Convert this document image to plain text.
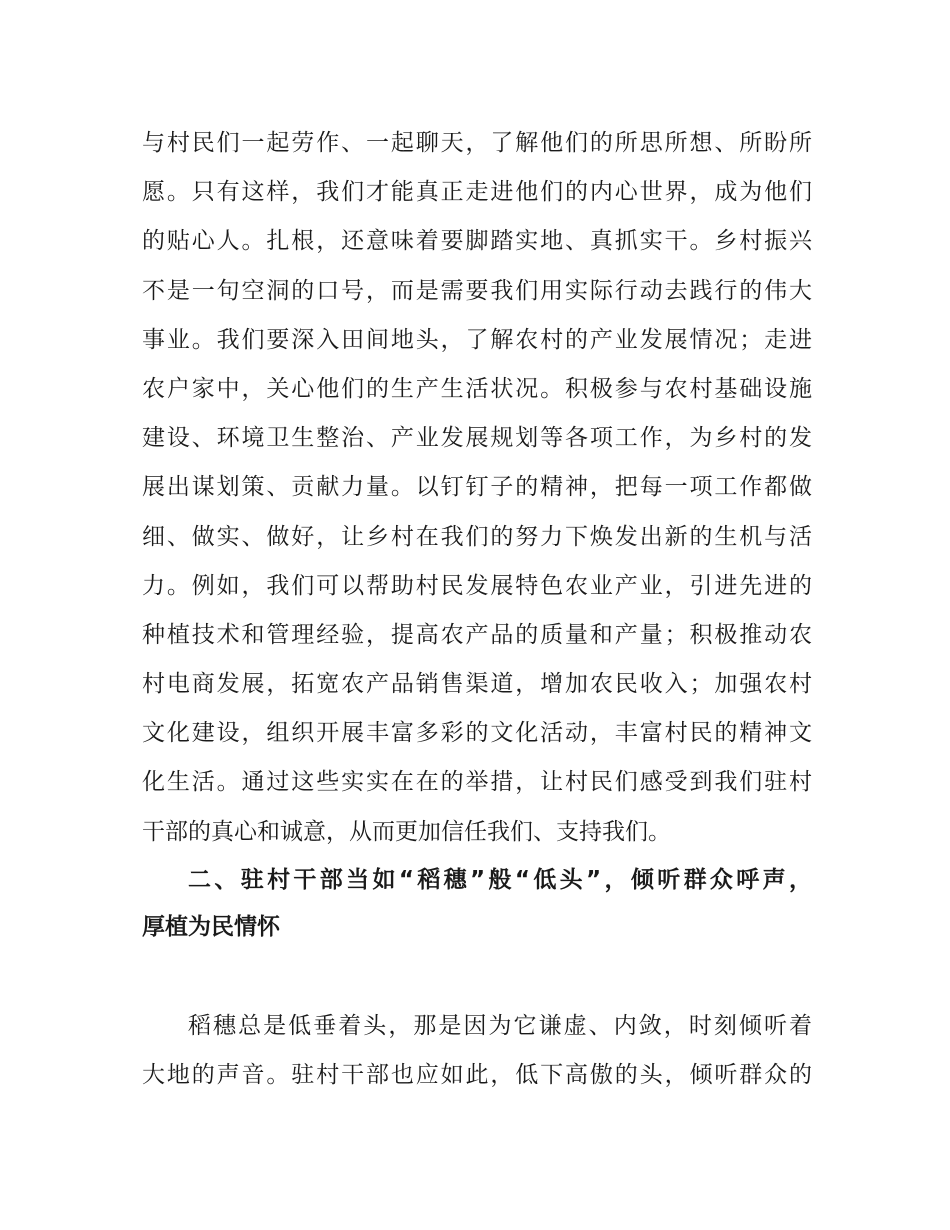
与村民们一起劳作、一起聊天，了解他们的所思所想、所盼所
愿。只有这样，我们才能真正走进他们的内心世界，成为他们
的贴心人。扎根，还意味着要脚踏实地、真抓实干。乡村振兴
不是一句空洞的口号，而是需要我们用实际行动去践行的伟大
事业。我们要深入田间地头，了解农村的产业发展情况；走进
农户家中，关心他们的生产生活状况。积极参与农村基础设施
建设、环境卫生整治、产业发展规划等各项工作，为乡村的发
展出谋划策、贡献力量。以钉钉子的精神，把每一项工作都做
细、做实、做好，让乡村在我们的努力下焕发出新的生机与活
力。例如，我们可以帮助村民发展特色农业产业，引进先进的
种植技术和管理经验，提高农产品的质量和产量；积极推动农
村电商发展，拓宽农产品销售渠道，增加农民收入；加强农村
文化建设，组织开展丰富多彩的文化活动，丰富村民的精神文
化生活。通过这些实实在在的举措，让村民们感受到我们驻村
干部的真心和诚意，从而更加信任我们、支持我们。
二、驻村干部当如“稻穗”般“低头”，倾听群众呼声，
厚植为民情怀
稻穗总是低垂着头，那是因为它谦虚、内敛，时刻倾听着
大地的声音。驻村干部也应如此，低下高傲的头，倾听群众的
